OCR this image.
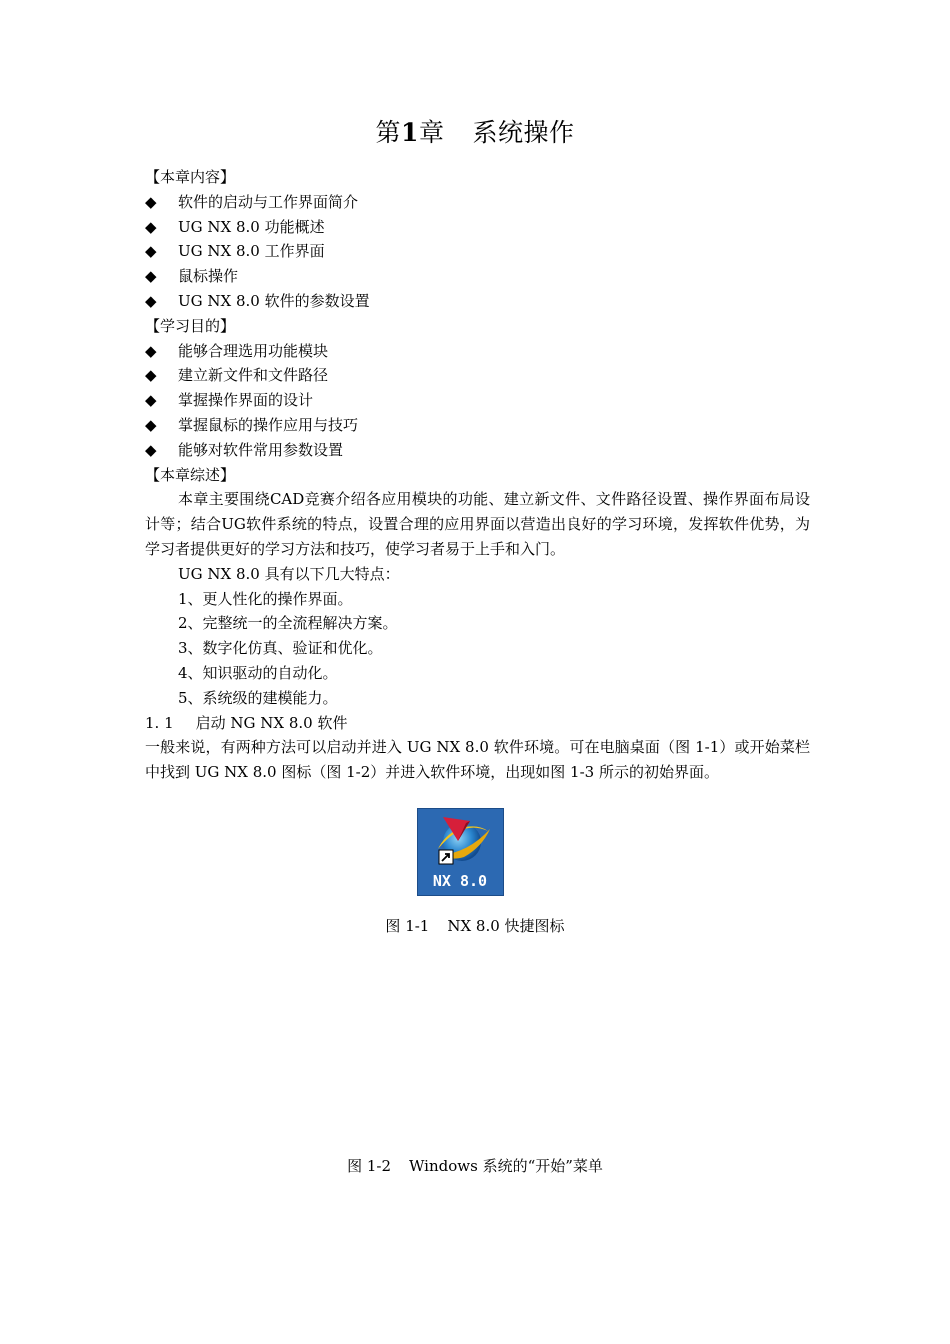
第1章 系统操作
【本章内容】
◆ 软件的启动与工作界面简介
◆ UG NX 8.0 功能概述
◆ UG NX 8.0 工作界面
◆ 鼠标操作
◆ UG NX 8.0 软件的参数设置
【学习目的】
◆ 能够合理选用功能模块
◆ 建立新文件和文件路径
◆ 掌握操作界面的设计
◆ 掌握鼠标的操作应用与技巧
◆ 能够对软件常用参数设置
【本章综述】
本章主要围绕CAD竞赛介绍各应用模块的功能、建立新文件、文件路径设置、操作界面布局设计等；结合UG软件系统的特点，设置合理的应用界面以营造出良好的学习环境，发挥软件优势，为学习者提供更好的学习方法和技巧，使学习者易于上手和入门。
UG NX 8.0 具有以下几大特点：
1、更人性化的操作界面。
2、完整统一的全流程解决方案。
3、数字化仿真、验证和优化。
4、知识驱动的自动化。
5、系统级的建模能力。
1. 1 启动 NG NX 8.0 软件
一般来说，有两种方法可以启动并进入 UG NX 8.0 软件环境。可在电脑桌面（图 1-1）或开始菜栏中找到 UG NX 8.0 图标（图 1-2）并进入软件环境，出现如图 1-3 所示的初始界面。
NX 8.0
图 1-1 NX 8.0 快捷图标
图 1-2 Windows 系统的“开始”菜单
